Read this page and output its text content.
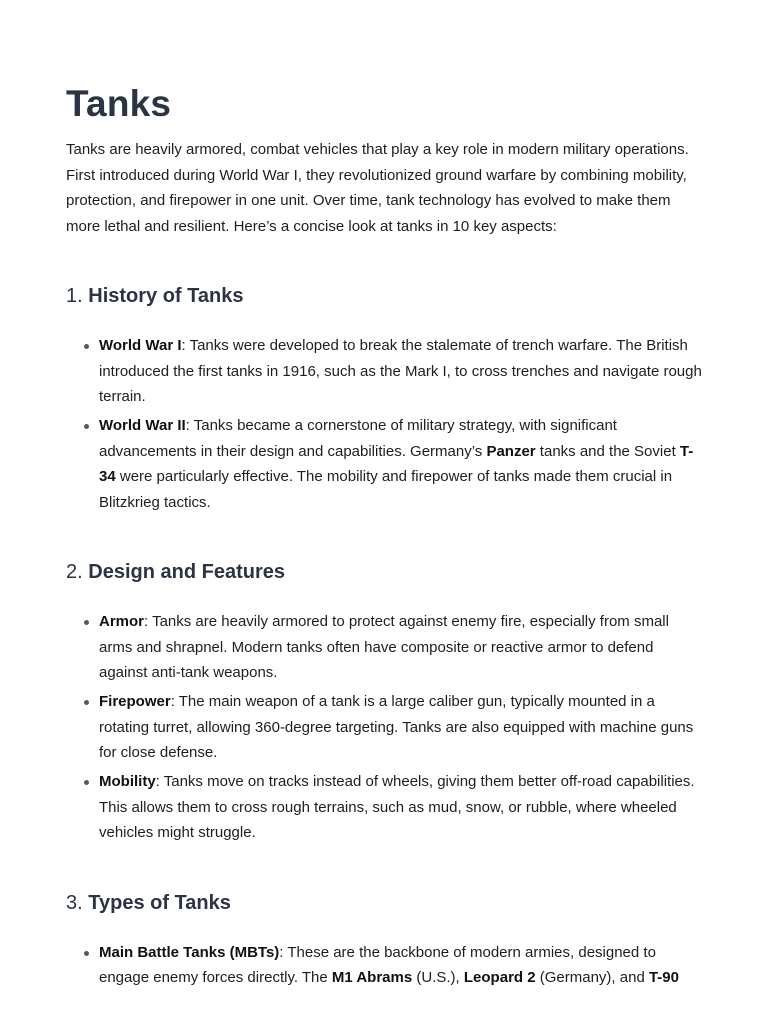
Tanks

Tanks are heavily armored, combat vehicles that play a key role in modern military operations. First introduced during World War I, they revolutionized ground warfare by combining mobility, protection, and firepower in one unit. Over time, tank technology has evolved to make them more lethal and resilient. Here’s a concise look at tanks in 10 key aspects:

1. History of Tanks
World War I: Tanks were developed to break the stalemate of trench warfare. The British introduced the first tanks in 1916, such as the Mark I, to cross trenches and navigate rough terrain.
World War II: Tanks became a cornerstone of military strategy, with significant advancements in their design and capabilities. Germany’s Panzer tanks and the Soviet T-34 were particularly effective. The mobility and firepower of tanks made them crucial in Blitzkrieg tactics.
2. Design and Features
Armor: Tanks are heavily armored to protect against enemy fire, especially from small arms and shrapnel. Modern tanks often have composite or reactive armor to defend against anti-tank weapons.
Firepower: The main weapon of a tank is a large caliber gun, typically mounted in a rotating turret, allowing 360-degree targeting. Tanks are also equipped with machine guns for close defense.
Mobility: Tanks move on tracks instead of wheels, giving them better off-road capabilities. This allows them to cross rough terrains, such as mud, snow, or rubble, where wheeled vehicles might struggle.
3. Types of Tanks
Main Battle Tanks (MBTs): These are the backbone of modern armies, designed to engage enemy forces directly. The M1 Abrams (U.S.), Leopard 2 (Germany), and T-90
